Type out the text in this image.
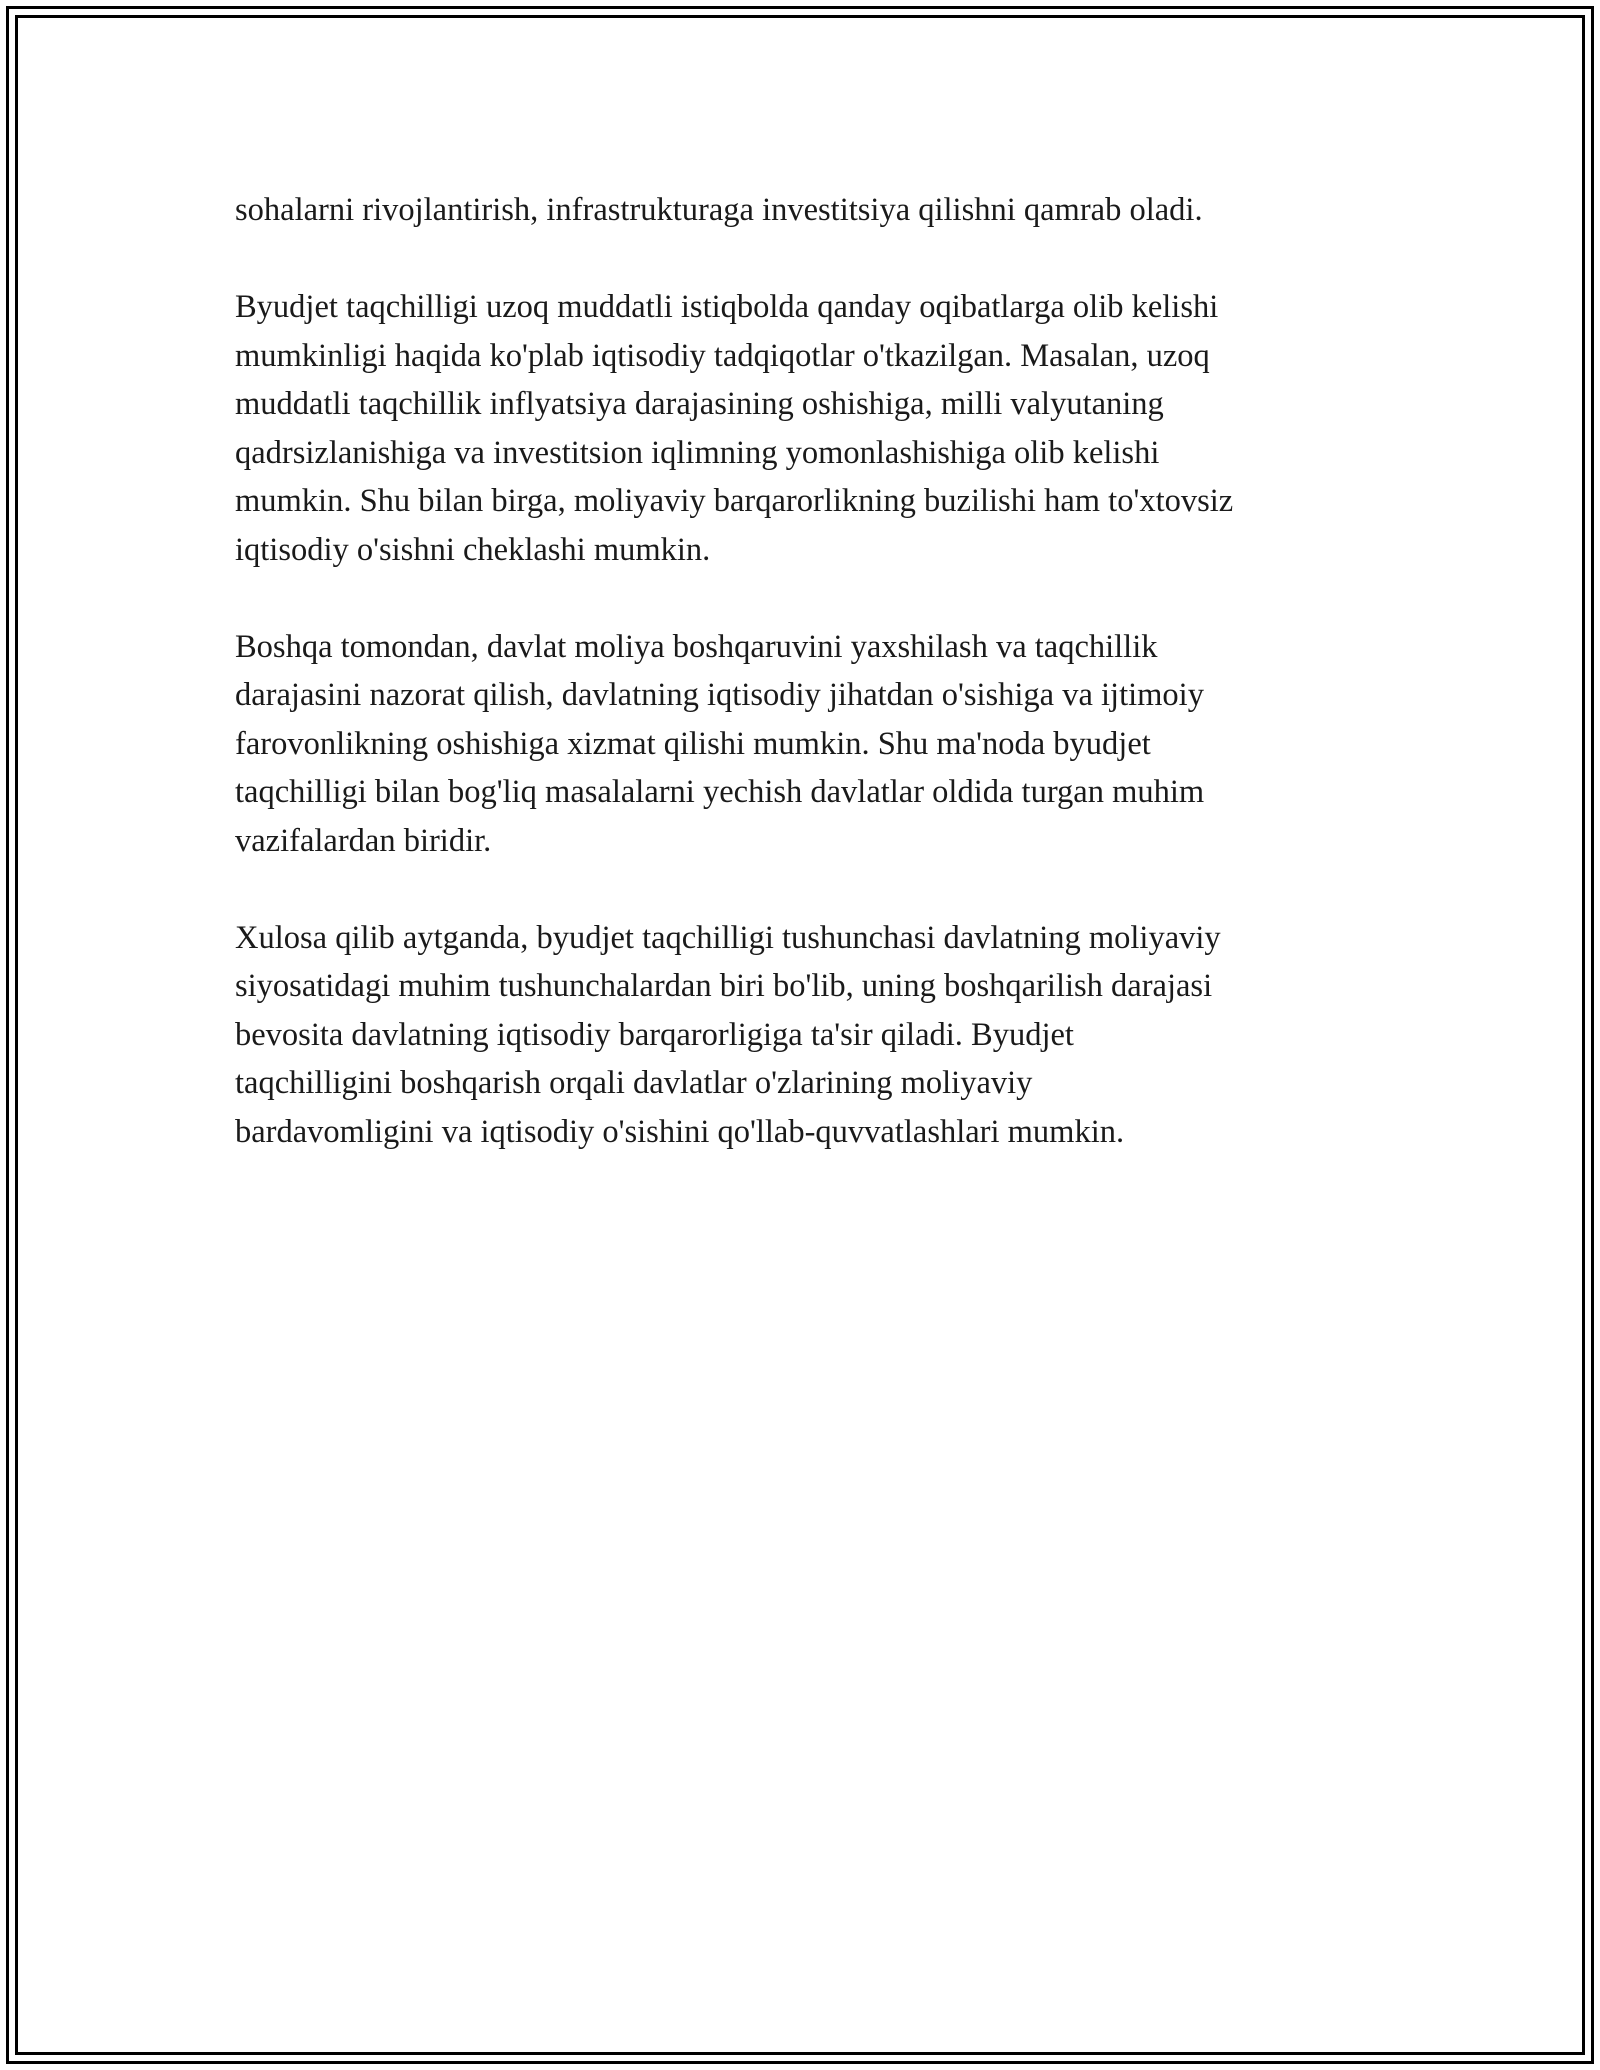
sohalarni rivojlantirish, infrastrukturaga investitsiya qilishni qamrab oladi.

Byudjet taqchilligi uzoq muddatli istiqbolda qanday oqibatlarga olib kelishi
mumkinligi haqida ko'plab iqtisodiy tadqiqotlar o'tkazilgan. Masalan, uzoq
muddatli taqchillik inflyatsiya darajasining oshishiga, milli valyutaning
qadrsizlanishiga va investitsion iqlimning yomonlashishiga olib kelishi
mumkin. Shu bilan birga, moliyaviy barqarorlikning buzilishi ham to'xtovsiz
iqtisodiy o'sishni cheklashi mumkin.

Boshqa tomondan, davlat moliya boshqaruvini yaxshilash va taqchillik
darajasini nazorat qilish, davlatning iqtisodiy jihatdan o'sishiga va ijtimoiy
farovonlikning oshishiga xizmat qilishi mumkin. Shu ma'noda byudjet
taqchilligi bilan bog'liq masalalarni yechish davlatlar oldida turgan muhim
vazifalardan biridir.

Xulosa qilib aytganda, byudjet taqchilligi tushunchasi davlatning moliyaviy
siyosatidagi muhim tushunchalardan biri bo'lib, uning boshqarilish darajasi
bevosita davlatning iqtisodiy barqarorligiga ta'sir qiladi. Byudjet
taqchilligini boshqarish orqali davlatlar o'zlarining moliyaviy
bardavomligini va iqtisodiy o'sishini qo'llab-quvvatlashlari mumkin.
